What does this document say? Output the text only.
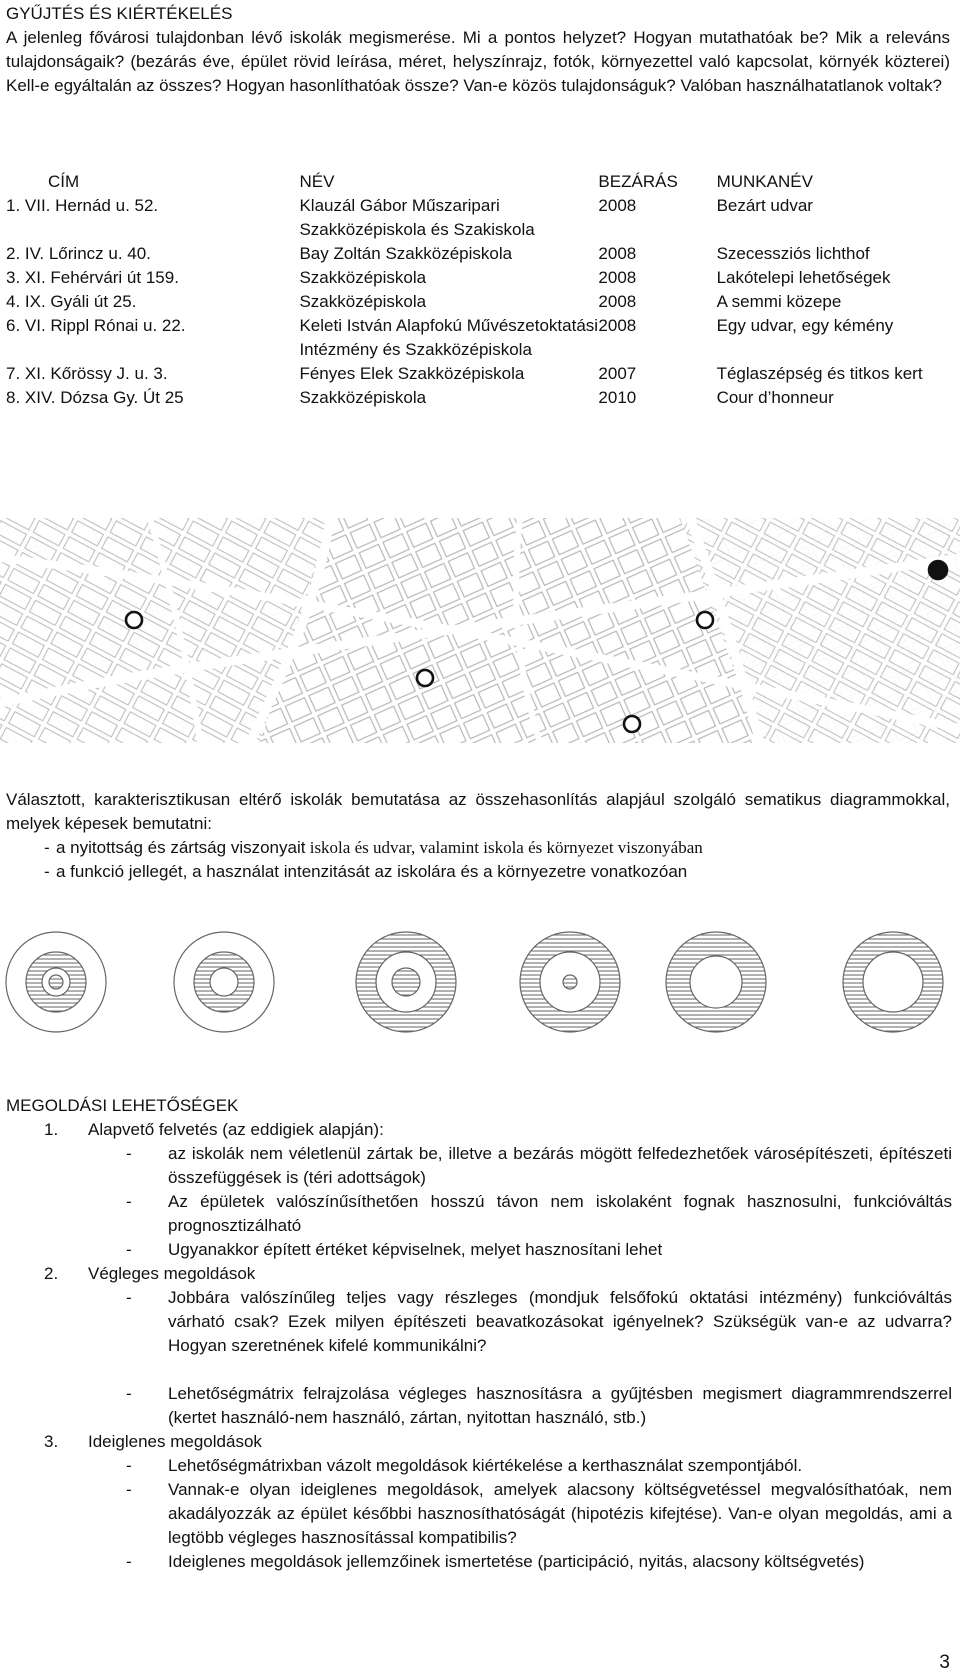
GYŰJTÉS ÉS KIÉRTÉKELÉS
A jelenleg fővárosi tulajdonban lévő iskolák megismerése. Mi a pontos helyzet? Hogyan mutathatóak be? Mik a releváns tulajdonságaik? (bezárás éve, épület rövid leírása, méret, helyszínrajz, fotók, környezettel való kapcsolat, környék közterei) Kell-e egyáltalán az összes? Hogyan hasonlíthatóak össze? Van-e közös tulajdonságuk? Valóban használhatatlanok voltak?
CÍM	NÉV	BEZÁRÁS	MUNKANÉV
1. VII. Hernád u. 52.	Klauzál Gábor Műszaripari Szakközépiskola és Szakiskola	2008	Bezárt udvar
2. IV. Lőrincz u. 40.	Bay Zoltán Szakközépiskola	2008	Szecessziós lichthof
3. XI. Fehérvári út 159.	Szakközépiskola	2008	Lakótelepi lehetőségek
4. IX. Gyáli út 25.	Szakközépiskola	2008	A semmi közepe
6. VI. Rippl Rónai u. 22.	Keleti István Alapfokú Művészetoktatási Intézmény és Szakközépiskola	2008	Egy udvar, egy kémény
7. XI. Kőrössy J. u. 3.	Fényes Elek Szakközépiskola	2007	Téglaszépség és titkos kert
8. XIV. Dózsa Gy. Út 25	Szakközépiskola	2010	Cour d’honneur

Választott, karakterisztikusan eltérő iskolák bemutatása az összehasonlítás alapjául szolgáló sematikus diagrammokkal, melyek képesek bemutatni:

- a nyitottság és zártság viszonyait iskola és udvar, valamint iskola és környezet viszonyában
- a funkció jellegét, a használat intenzitását az iskolára és a környezetre vonatkozóan
MEGOLDÁSI LEHETŐSÉGEK
1. Alapvető felvetés (az eddigiek alapján):
-	az iskolák nem véletlenül zártak be, illetve a bezárás mögött felfedezhetőek városépítészeti, építészeti összefüggések is (téri adottságok)
-	Az épületek valószínűsíthetően hosszú távon nem iskolaként fognak hasznosulni, funkcióváltás prognosztizálható
-	Ugyanakkor épített értéket képviselnek, melyet hasznosítani lehet
2. Végleges megoldások
-	Jobbára valószínűleg teljes vagy részleges (mondjuk felsőfokú oktatási intézmény) funkcióváltás várható csak? Ezek milyen építészeti beavatkozásokat igényelnek? Szükségük van-e az udvarra? Hogyan szeretnének kifelé kommunikálni?
-	Lehetőségmátrix felrajzolása végleges hasznosításra a gyűjtésben megismert diagrammrendszerrel (kertet használó-nem használó, zártan, nyitottan használó, stb.)
3. Ideiglenes megoldások
-	Lehetőségmátrixban vázolt megoldások kiértékelése a kerthasználat szempontjából.
-	Vannak-e olyan ideiglenes megoldások, amelyek alacsony költségvetéssel megvalósíthatóak, nem akadályozzák az épület későbbi hasznosíthatóságát (hipotézis kifejtése). Van-e olyan megoldás, ami a legtöbb végleges hasznosítással kompatibilis?
-	Ideiglenes megoldások jellemzőinek ismertetése (participáció, nyitás, alacsony költségvetés)
3
